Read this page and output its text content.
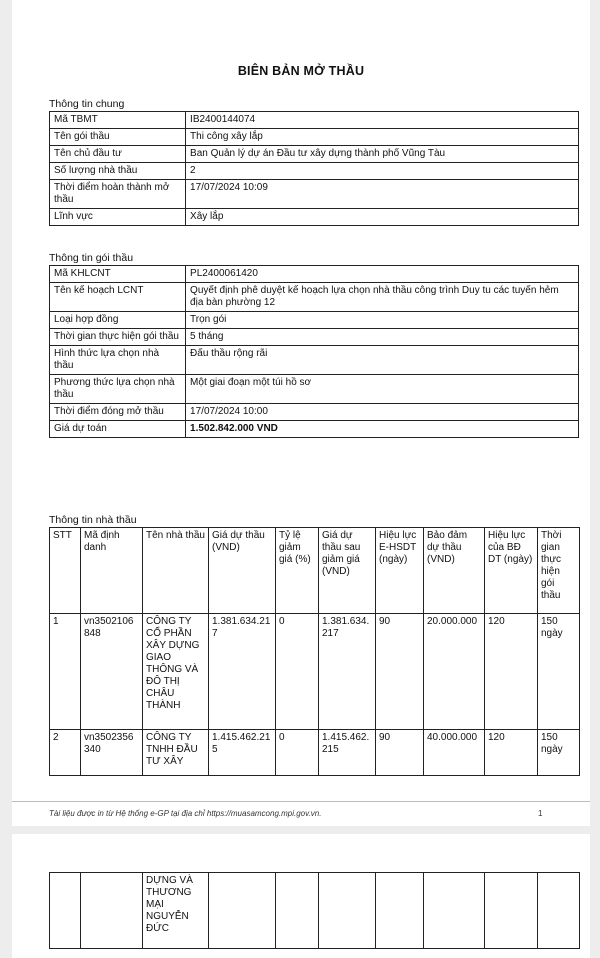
BIÊN BẢN MỞ THẦU
Thông tin chung
Mã TBMT	IB2400144074
Tên gói thầu	Thi công xây lắp
Tên chủ đầu tư	Ban Quản lý dự án Đầu tư xây dựng thành phố Vũng Tàu
Số lượng nhà thầu	2
Thời điểm hoàn thành mở thầu	17/07/2024 10:09
Lĩnh vực	Xây lắp
Thông tin gói thầu
Mã KHLCNT	PL2400061420
Tên kế hoạch LCNT	Quyết định phê duyệt kế hoạch lựa chọn nhà thầu công trình Duy tu các tuyến hẻm địa bàn phường 12
Loại hợp đồng	Trọn gói
Thời gian thực hiện gói thầu	5 tháng
Hình thức lựa chọn nhà thầu	Đấu thầu rộng rãi
Phương thức lựa chọn nhà thầu	Một giai đoạn một túi hồ sơ
Thời điểm đóng mở thầu	17/07/2024 10:00
Giá dự toán	1.502.842.000 VND
Thông tin nhà thầu
STT	Mã định danh	Tên nhà thầu	Giá dự thầu (VND)	Tỷ lệ giảm giá (%)	Giá dự thầu sau giảm giá (VND)	Hiệu lực E-HSDT (ngày)	Bảo đảm dự thầu (VND)	Hiệu lực của BĐ DT (ngày)	Thời gian thực hiện gói thầu
1	vn3502106848	CÔNG TY CỔ PHẦN XÂY DỰNG GIAO THÔNG VÀ ĐÔ THỊ CHÂU THÀNH	1.381.634.217	0	1.381.634.217	90	20.000.000	120	150 ngày
2	vn3502356340	CÔNG TY TNHH ĐẦU TƯ XÂY	1.415.462.215	0	1.415.462.215	90	40.000.000	120	150 ngày
Tài liệu được in từ Hệ thống e-GP tại địa chỉ https://muasamcong.mpi.gov.vn.	1
		DỰNG VÀ THƯƠNG MẠI NGUYỄN ĐỨC							
